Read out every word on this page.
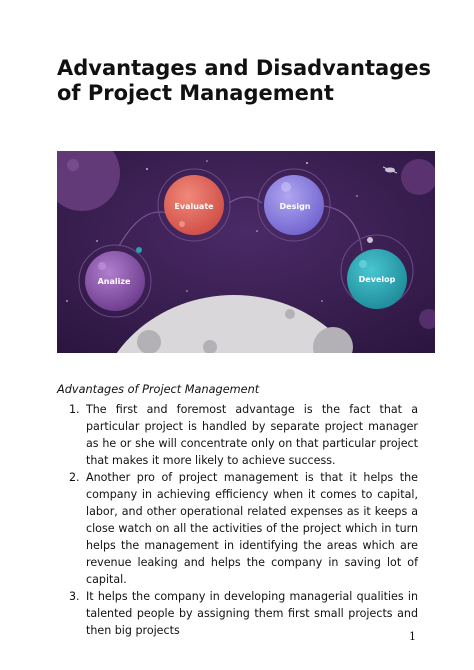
Advantages and Disadvantages of Project Management
Evaluate	Design
Analize	Develop

Advantages of Project Management

1. The first and foremost advantage is the fact that a particular project is handled by separate project manager as he or she will concentrate only on that particular project that makes it more likely to achieve success.
2. Another pro of project management is that it helps the company in achieving efficiency when it comes to capital, labor, and other operational related expenses as it keeps a close watch on all the activities of the project which in turn helps the management in identifying the areas which are revenue leaking and helps the company in saving lot of capital.
3. It helps the company in developing managerial qualities in talented people by assigning them first small projects and then big projects	1
